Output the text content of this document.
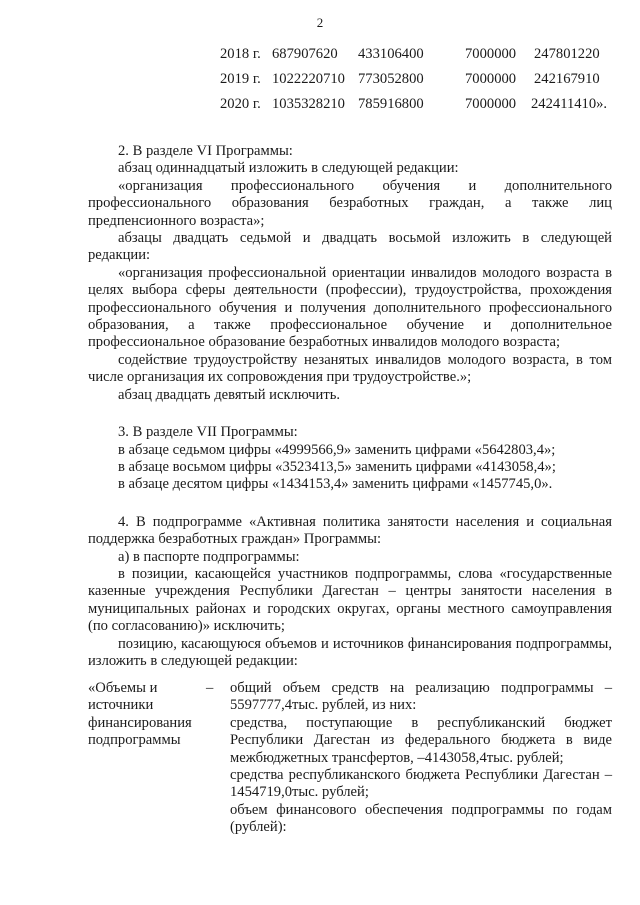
2
2018 г. 687907620 433106400	7000000 247801220
2019 г. 1022220710 773052800	7000000 242167910
2020 г. 1035328210 785916800	7000000 242411410».

2. В разделе VI Программы:

абзац одиннадцатый изложить в следующей редакции:

«организация профессионального обучения и дополнительного профессионального образования безработных граждан, а также лиц предпенсионного возраста»;

абзацы двадцать седьмой и двадцать восьмой изложить в следующей редакции:

«организация профессиональной ориентации инвалидов молодого возраста в целях выбора сферы деятельности (профессии), трудоустройства, прохождения профессионального обучения и получения дополнительного профессионального образования, а также профессиональное обучение и дополнительное профессиональное образование безработных инвалидов молодого возраста;

содействие трудоустройству незанятых инвалидов молодого возраста, в том числе организация их сопровождения при трудоустройстве.»;

абзац двадцать девятый исключить.

3. В разделе VII Программы:

в абзаце седьмом цифры «4999566,9» заменить цифрами «5642803,4»;

в абзаце восьмом цифры «3523413,5» заменить цифрами «4143058,4»;

в абзаце десятом цифры «1434153,4» заменить цифрами «1457745,0».

4. В подпрограмме «Активная политика занятости населения и социальная поддержка безработных граждан» Программы:

а) в паспорте подпрограммы:

в позиции, касающейся участников подпрограммы, слова «государственные казенные учреждения Республики Дагестан – центры занятости населения в муниципальных районах и городских округах, органы местного самоуправления (по согласованию)» исключить;

позицию, касающуюся объемов и источников финансирования подпрограммы, изложить в следующей редакции:

«Объемы и
источники
финансирования
подпрограммы
– общий объем средств на реализацию подпрограммы – 5597777,4тыс. рублей, из них:

средства, поступающие в республиканский бюджет Республики Дагестан из федерального бюджета в виде межбюджетных трансфертов, –4143058,4тыс. рублей;

средства республиканского бюджета Республики Дагестан –1454719,0тыс. рублей;

объем финансового обеспечения подпрограммы по годам (рублей):
